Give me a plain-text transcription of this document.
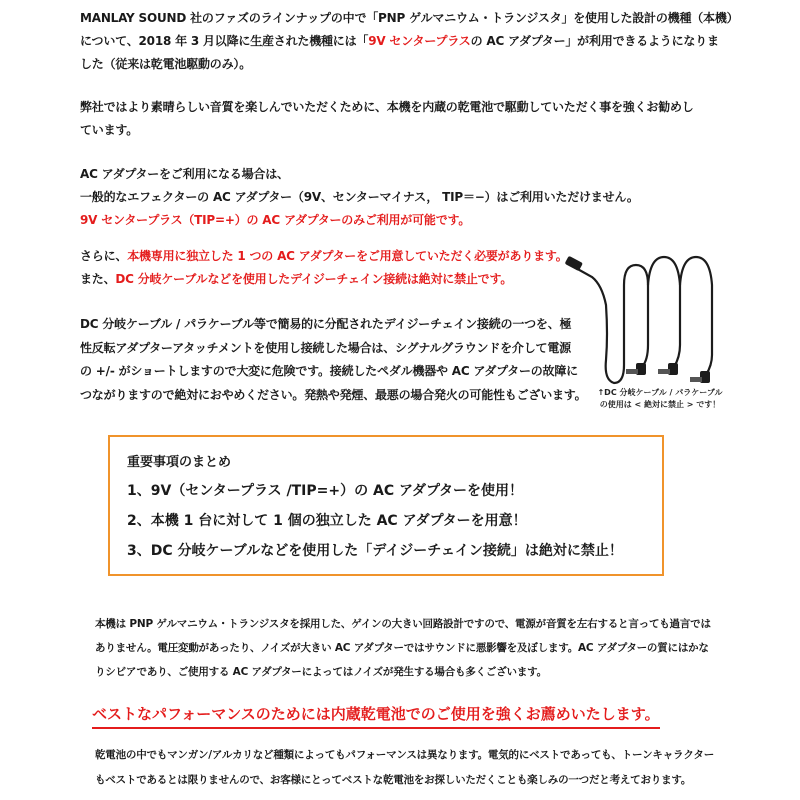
MANLAY SOUND 社のファズのラインナップの中で「PNP ゲルマニウム・トランジスタ」を使用した設計の機種（本機）
について、2018 年 3 月以降に生産された機種には「9V センタープラスの AC アダプター」が利用できるようになりま
した（従来は乾電池駆動のみ）。
弊社ではより素晴らしい音質を楽しんでいただくために、本機を内蔵の乾電池で駆動していただく事を強くお勧めし
ています。
AC アダプターをご利用になる場合は、
一般的なエフェクターの AC アダプター（9V、センターマイナス， TIP＝−）はご利用いただけません。
9V センタープラス（TIP=+）の AC アダプターのみご利用が可能です。
さらに、本機専用に独立した 1 つの AC アダプターをご用意していただく必要があります。
また、DC 分岐ケーブルなどを使用したデイジーチェイン接続は絶対に禁止です。
DC 分岐ケーブル / パラケーブル等で簡易的に分配されたデイジーチェイン接続の一つを、極
性反転アダプターアタッチメントを使用し接続した場合は、シグナルグラウンドを介して電源
の +/- がショートしますので大変に危険です。接続したペダル機器や AC アダプターの故障に
つながりますので絶対におやめください。発熱や発煙、最悪の場合発火の可能性もございます。	↑DC 分岐ケーブル / パラケーブル
の使用は < 絶対に禁止 > です！
重要事項のまとめ
1、9V（センタープラス /TIP=+）の AC アダプターを使用！
2、本機 1 台に対して 1 個の独立した AC アダプターを用意！
3、DC 分岐ケーブルなどを使用した「デイジーチェイン接続」は絶対に禁止！
本機は PNP ゲルマニウム・トランジスタを採用した、ゲインの大きい回路設計ですので、電源が音質を左右すると言っても過言では
ありません。電圧変動があったり、ノイズが大きい AC アダプターではサウンドに悪影響を及ぼします。AC アダプターの質にはかな
りシビアであり、ご使用する AC アダプターによってはノイズが発生する場合も多くございます。
ベストなパフォーマンスのためには内蔵乾電池でのご使用を強くお薦めいたします。
乾電池の中でもマンガン/アルカリなど種類によってもパフォーマンスは異なります。電気的にベストであっても、トーンキャラクター
もベストであるとは限りませんので、お客様にとってベストな乾電池をお探しいただくことも楽しみの一つだと考えております。
